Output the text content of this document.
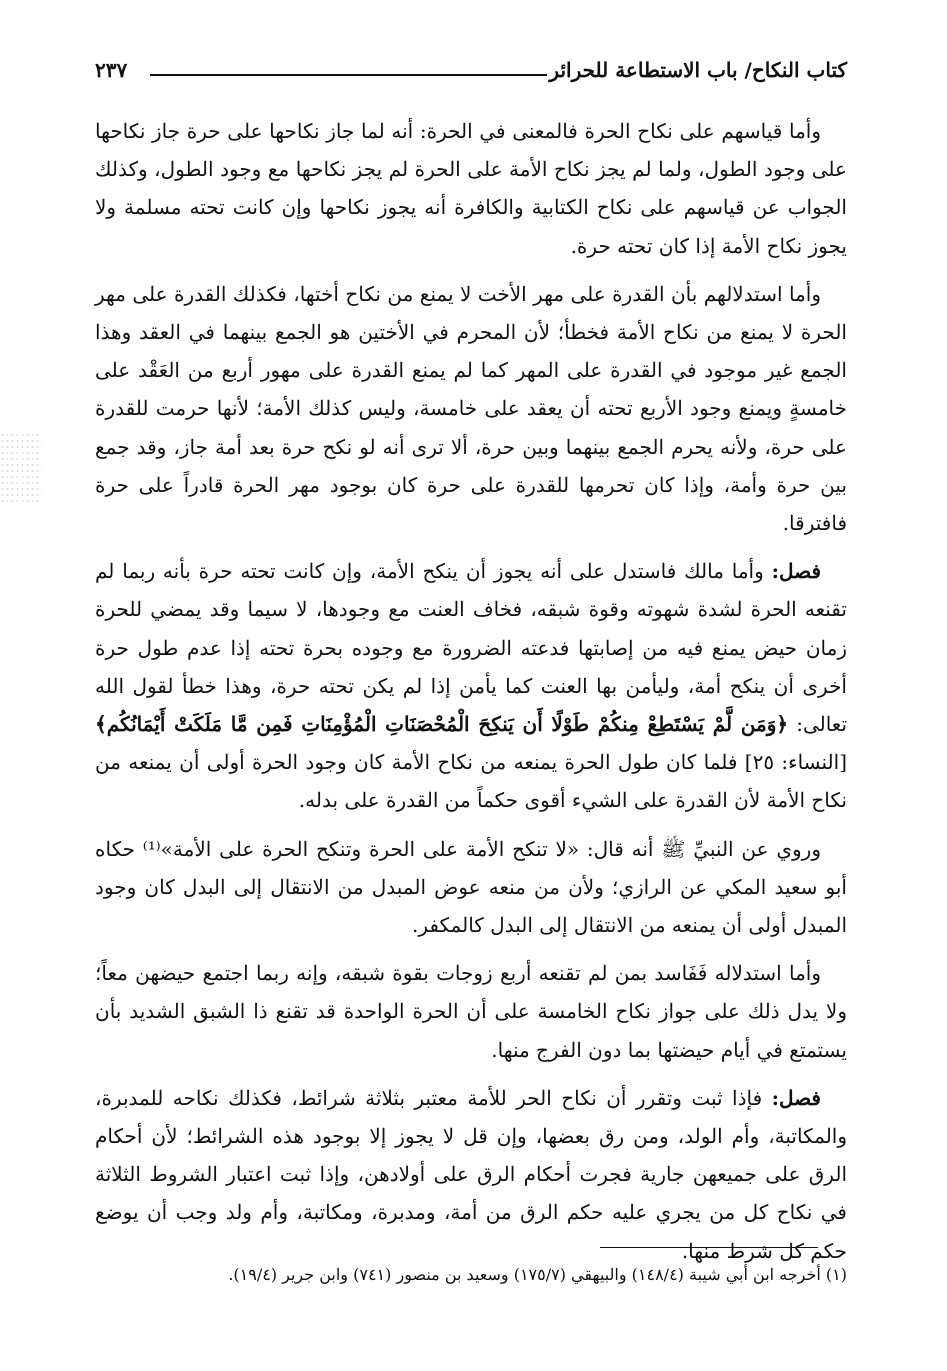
كتاب النكاح/ باب الاستطاعة للحرائر
٢٣٧

وأما قياسهم على نكاح الحرة فالمعنى في الحرة: أنه لما جاز نكاحها على حرة جاز نكاحها على وجود الطول، ولما لم يجز نكاح الأمة على الحرة لم يجز نكاحها مع وجود الطول، وكذلك الجواب عن قياسهم على نكاح الكتابية والكافرة أنه يجوز نكاحها وإن كانت تحته مسلمة ولا يجوز نكاح الأمة إذا كان تحته حرة.

وأما استدلالهم بأن القدرة على مهر الأخت لا يمنع من نكاح أختها، فكذلك القدرة على مهر الحرة لا يمنع من نكاح الأمة فخطأ؛ لأن المحرم في الأختين هو الجمع بينهما في العقد وهذا الجمع غير موجود في القدرة على المهر كما لم يمنع القدرة على مهور أربع من العَقْد على خامسةٍ ويمنع وجود الأربع تحته أن يعقد على خامسة، وليس كذلك الأمة؛ لأنها حرمت للقدرة على حرة، ولأنه يحرم الجمع بينهما وبين حرة، ألا ترى أنه لو نكح حرة بعد أمة جاز، وقد جمع بين حرة وأمة، وإذا كان تحرمها للقدرة على حرة كان بوجود مهر الحرة قادراً على حرة فافترقا.

فصل: وأما مالك فاستدل على أنه يجوز أن ينكح الأمة، وإن كانت تحته حرة بأنه ربما لم تقنعه الحرة لشدة شهوته وقوة شبقه، فخاف العنت مع وجودها، لا سيما وقد يمضي للحرة زمان حيض يمنع فيه من إصابتها فدعته الضرورة مع وجوده بحرة تحته إذا عدم طول حرة أخرى أن ينكح أمة، وليأمن بها العنت كما يأمن إذا لم يكن تحته حرة، وهذا خطأ لقول الله تعالى: ﴿وَمَن لَّمْ يَسْتَطِعْ مِنكُمْ طَوْلًا أَن يَنكِحَ الْمُحْصَنَاتِ الْمُؤْمِنَاتِ فَمِن مَّا مَلَكَتْ أَيْمَانُكُم﴾ [النساء: ٢٥] فلما كان طول الحرة يمنعه من نكاح الأمة كان وجود الحرة أولى أن يمنعه من نكاح الأمة لأن القدرة على الشيء أقوى حكماً من القدرة على بدله.

وروي عن النبيِّ ﷺ أنه قال: «لا تنكح الأمة على الحرة وتنكح الحرة على الأمة»⁽¹⁾ حكاه أبو سعيد المكي عن الرازي؛ ولأن من منعه عوض المبدل من الانتقال إلى البدل كان وجود المبدل أولى أن يمنعه من الانتقال إلى البدل كالمكفر.

وأما استدلاله فَفَاسد بمن لم تقنعه أربع زوجات بقوة شبقه، وإنه ربما اجتمع حيضهن معاً؛ ولا يدل ذلك على جواز نكاح الخامسة على أن الحرة الواحدة قد تقنع ذا الشبق الشديد بأن يستمتع في أيام حيضتها بما دون الفرج منها.

فصل: فإذا ثبت وتقرر أن نكاح الحر للأمة معتبر بثلاثة شرائط، فكذلك نكاحه للمدبرة، والمكاتبة، وأم الولد، ومن رق بعضها، وإن قل لا يجوز إلا بوجود هذه الشرائط؛ لأن أحكام الرق على جميعهن جارية فجرت أحكام الرق على أولادهن، وإذا ثبت اعتبار الشروط الثلاثة في نكاح كل من يجري عليه حكم الرق من أمة، ومدبرة، ومكاتبة، وأم ولد وجب أن يوضع حكم كل شرط منها.

(١) أخرجه ابن أبي شيبة (١٤٨/٤) والبيهقي (١٧٥/٧) وسعيد بن منصور (٧٤١) وابن جرير (١٩/٤).
